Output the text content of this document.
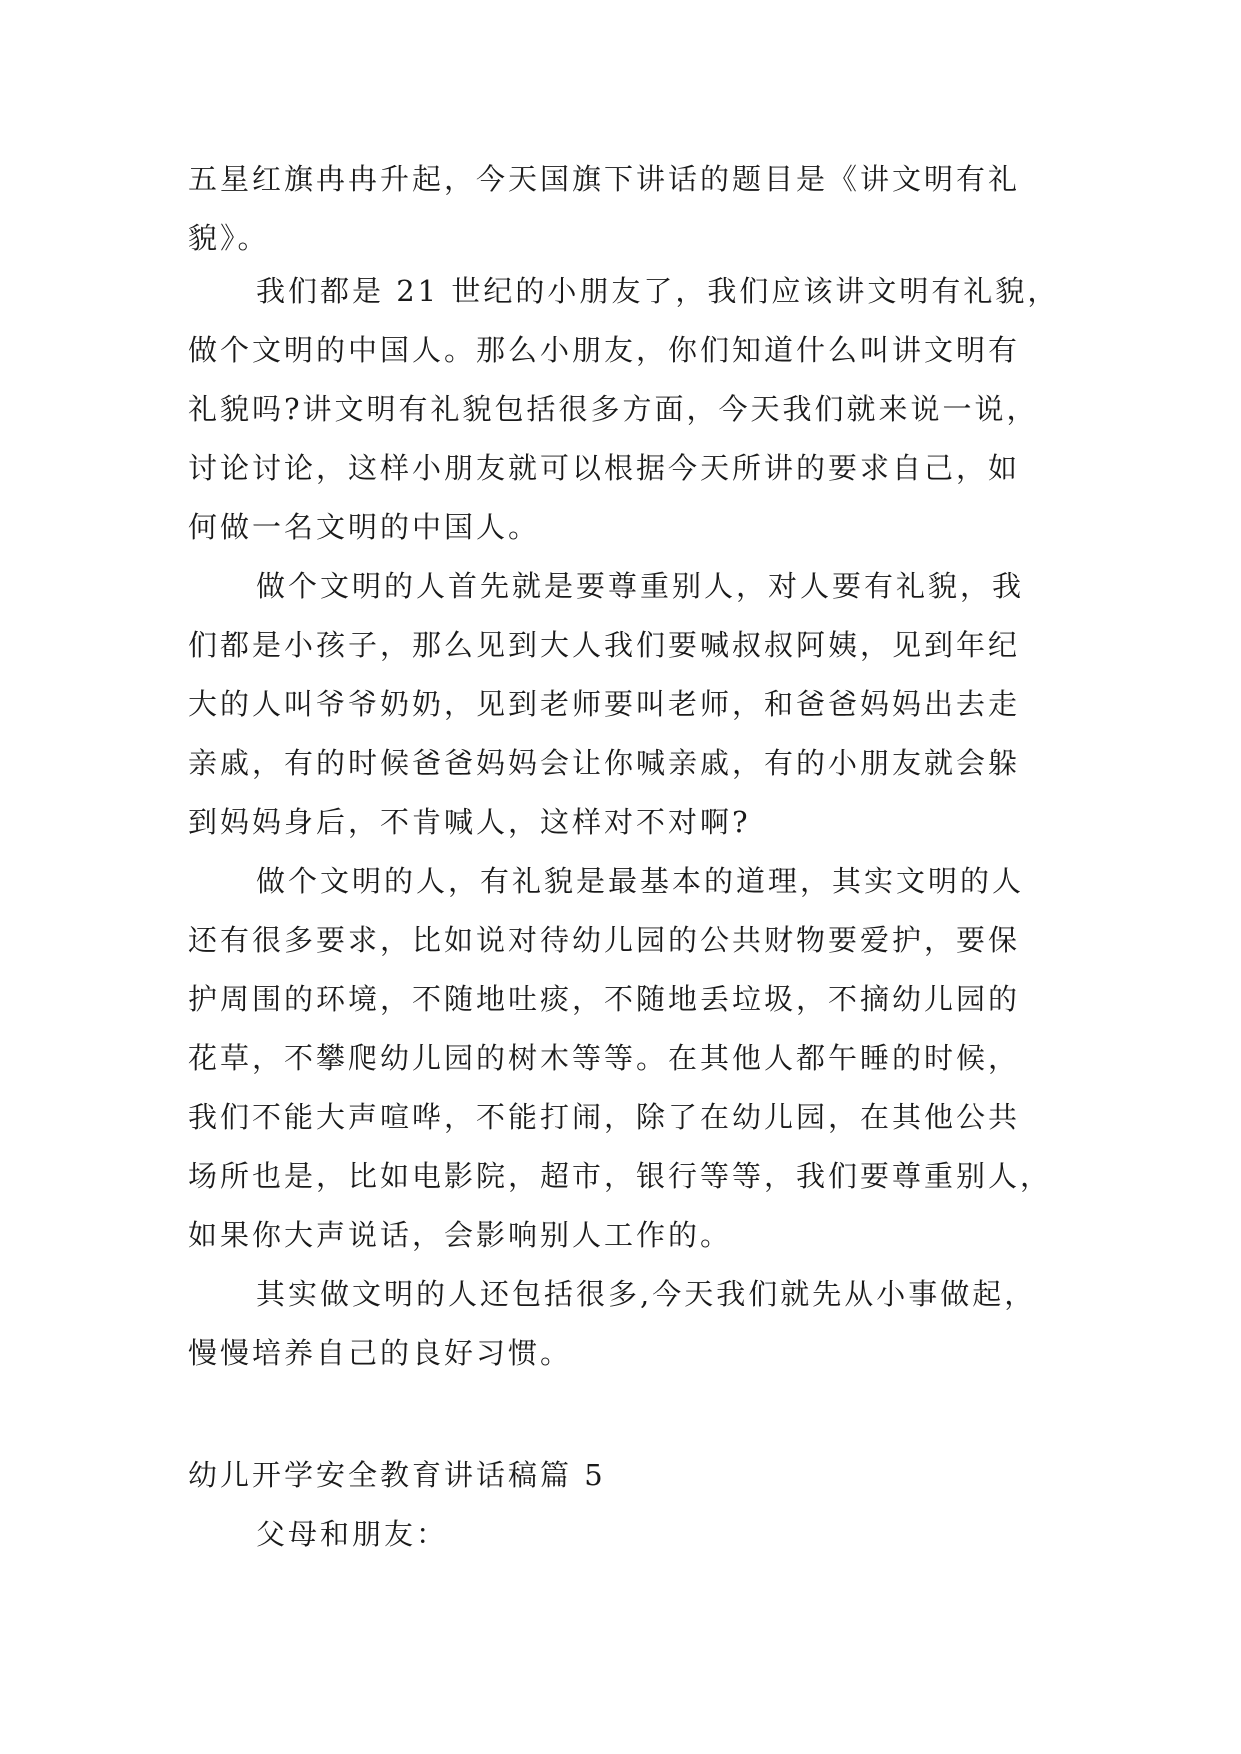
五星红旗冉冉升起，今天国旗下讲话的题目是《讲文明有礼
貌》。
我们都是 21 世纪的小朋友了，我们应该讲文明有礼貌，
做个文明的中国人。那么小朋友，你们知道什么叫讲文明有
礼貌吗?讲文明有礼貌包括很多方面，今天我们就来说一说，
讨论讨论，这样小朋友就可以根据今天所讲的要求自己，如
何做一名文明的中国人。
做个文明的人首先就是要尊重别人，对人要有礼貌，我
们都是小孩子，那么见到大人我们要喊叔叔阿姨，见到年纪
大的人叫爷爷奶奶，见到老师要叫老师，和爸爸妈妈出去走
亲戚，有的时候爸爸妈妈会让你喊亲戚，有的小朋友就会躲
到妈妈身后，不肯喊人，这样对不对啊?
做个文明的人，有礼貌是最基本的道理，其实文明的人
还有很多要求，比如说对待幼儿园的公共财物要爱护，要保
护周围的环境，不随地吐痰，不随地丢垃圾，不摘幼儿园的
花草，不攀爬幼儿园的树木等等。在其他人都午睡的时候，
我们不能大声喧哗，不能打闹，除了在幼儿园，在其他公共
场所也是，比如电影院，超市，银行等等，我们要尊重别人，
如果你大声说话，会影响别人工作的。
其实做文明的人还包括很多,今天我们就先从小事做起，
慢慢培养自己的良好习惯。
幼儿开学安全教育讲话稿篇 5
父母和朋友：
